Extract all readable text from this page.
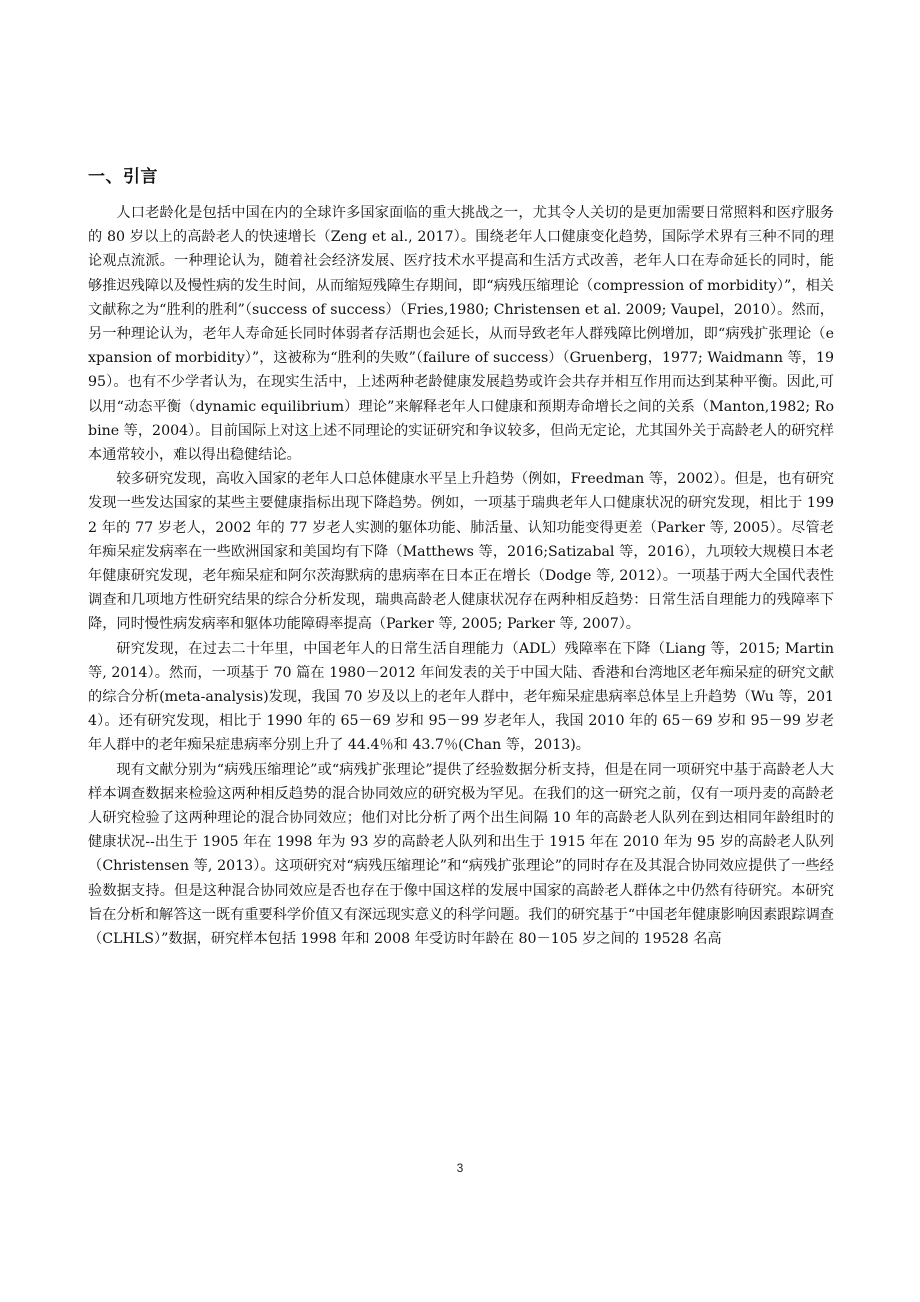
一、引言

人口老龄化是包括中国在内的全球许多国家面临的重大挑战之一，尤其令人关切的是更加需要日常照料和医疗服务的 80 岁以上的高龄老人的快速增长（Zeng et al., 2017）。围绕老年人口健康变化趋势，国际学术界有三种不同的理论观点流派。一种理论认为，随着社会经济发展、医疗技术水平提高和生活方式改善，老年人口在寿命延长的同时，能够推迟残障以及慢性病的发生时间，从而缩短残障生存期间，即“病残压缩理论（compression of morbidity）”，相关文献称之为“胜利的胜利”（success of success）（Fries,1980; Christensen et al. 2009; Vaupel，2010）。然而，另一种理论认为，老年人寿命延长同时体弱者存活期也会延长，从而导致老年人群残障比例增加，即“病残扩张理论（expansion of morbidity）”，这被称为“胜利的失败”（failure of success）（Gruenberg，1977; Waidmann 等，1995）。也有不少学者认为，在现实生活中，上述两种老龄健康发展趋势或许会共存并相互作用而达到某种平衡。因此,可以用“动态平衡（dynamic equilibrium）理论”来解释老年人口健康和预期寿命增长之间的关系（Manton,1982; Robine 等，2004）。目前国际上对这上述不同理论的实证研究和争议较多，但尚无定论，尤其国外关于高龄老人的研究样本通常较小，难以得出稳健结论。

较多研究发现，高收入国家的老年人口总体健康水平呈上升趋势（例如，Freedman 等，2002）。但是，也有研究发现一些发达国家的某些主要健康指标出现下降趋势。例如，一项基于瑞典老年人口健康状况的研究发现，相比于 1992 年的 77 岁老人，2002 年的 77 岁老人实测的躯体功能、肺活量、认知功能变得更差（Parker 等, 2005）。尽管老年痴呆症发病率在一些欧洲国家和美国均有下降（Matthews 等，2016;Satizabal 等，2016），九项较大规模日本老年健康研究发现，老年痴呆症和阿尔茨海默病的患病率在日本正在增长（Dodge 等, 2012）。一项基于两大全国代表性调查和几项地方性研究结果的综合分析发现，瑞典高龄老人健康状况存在两种相反趋势：日常生活自理能力的残障率下降，同时慢性病发病率和躯体功能障碍率提高（Parker 等, 2005; Parker 等, 2007）。

研究发现，在过去二十年里，中国老年人的日常生活自理能力（ADL）残障率在下降（Liang 等，2015; Martin 等, 2014）。然而，一项基于 70 篇在 1980－2012 年间发表的关于中国大陆、香港和台湾地区老年痴呆症的研究文献的综合分析(meta-analysis)发现，我国 70 岁及以上的老年人群中，老年痴呆症患病率总体呈上升趋势（Wu 等，2014）。还有研究发现，相比于 1990 年的 65－69 岁和 95－99 岁老年人，我国 2010 年的 65－69 岁和 95－99 岁老年人群中的老年痴呆症患病率分别上升了 44.4％和 43.7％(Chan 等，2013)。

现有文献分别为“病残压缩理论”或“病残扩张理论”提供了经验数据分析支持，但是在同一项研究中基于高龄老人大样本调查数据来检验这两种相反趋势的混合协同效应的研究极为罕见。在我们的这一研究之前，仅有一项丹麦的高龄老人研究检验了这两种理论的混合协同效应；他们对比分析了两个出生间隔 10 年的高龄老人队列在到达相同年龄组时的健康状况--出生于 1905 年在 1998 年为 93 岁的高龄老人队列和出生于 1915 年在 2010 年为 95 岁的高龄老人队列（Christensen 等, 2013）。这项研究对“病残压缩理论”和“病残扩张理论”的同时存在及其混合协同效应提供了一些经验数据支持。但是这种混合协同效应是否也存在于像中国这样的发展中国家的高龄老人群体之中仍然有待研究。本研究旨在分析和解答这一既有重要科学价值又有深远现实意义的科学问题。我们的研究基于“中国老年健康影响因素跟踪调查（CLHLS）”数据，研究样本包括 1998 年和 2008 年受访时年龄在 80－105 岁之间的 19528 名高

3
